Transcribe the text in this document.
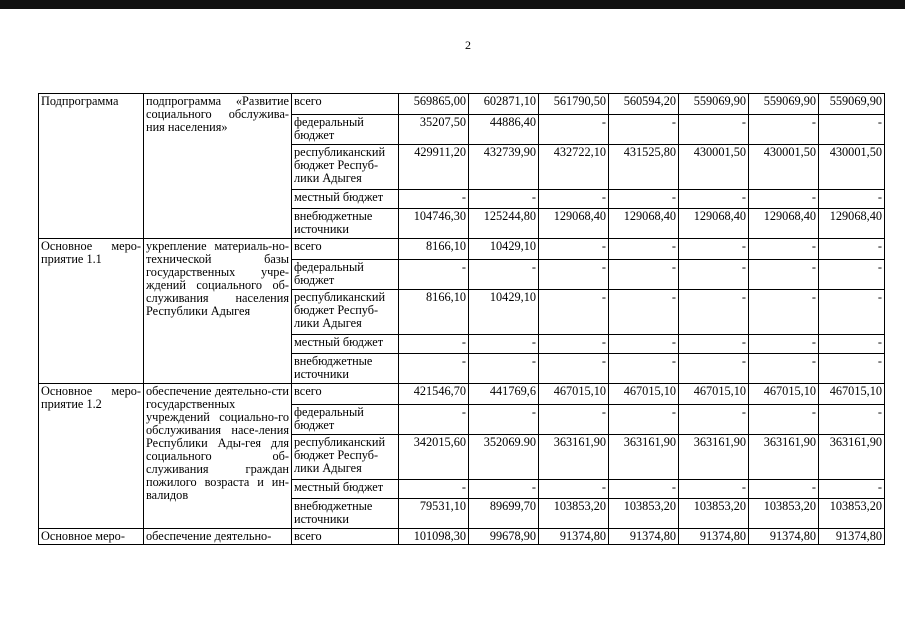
2
Подпрограмма	подпрограмма «Развитие социального обслужива-ния населения»	всего	569865,00	602871,10	561790,50	560594,20	559069,90	559069,90	559069,90
		федеральный бюджет	35207,50	44886,40	-	-	-	-	-
		республиканский бюджет Респуб-лики Адыгея	429911,20	432739,90	432722,10	431525,80	430001,50	430001,50	430001,50
		местный бюджет	-	-	-	-	-	-	-
		внебюджетные источники	104746,30	125244,80	129068,40	129068,40	129068,40	129068,40	129068,40
Основное меро-приятие 1.1	укрепление материаль-но-технической базы государственных учре-ждений социального об-служивания населения Республики Адыгея	всего	8166,10	10429,10	-	-	-	-	-
		федеральный бюджет	-	-	-	-	-	-	-
		республиканский бюджет Респуб-лики Адыгея	8166,10	10429,10	-	-	-	-	-
		местный бюджет	-	-	-	-	-	-	-
		внебюджетные источники	-	-	-	-	-	-	-
Основное меро-приятие 1.2	обеспечение деятельно-сти государственных учреждений социально-го обслуживания насе-ления Республики Ады-гея для социального об-служивания граждан пожилого возраста и ин-валидов	всего	421546,70	441769,6	467015,10	467015,10	467015,10	467015,10	467015,10
		федеральный бюджет	-	-	-	-	-	-	-
		республиканский бюджет Респуб-лики Адыгея	342015,60	352069.90	363161,90	363161,90	363161,90	363161,90	363161,90
		местный бюджет	-	-	-	-	-	-	-
		внебюджетные источники	79531,10	89699,70	103853,20	103853,20	103853,20	103853,20	103853,20
Основное меро-	обеспечение деятельно-	всего	101098,30	99678,90	91374,80	91374,80	91374,80	91374,80	91374,80
